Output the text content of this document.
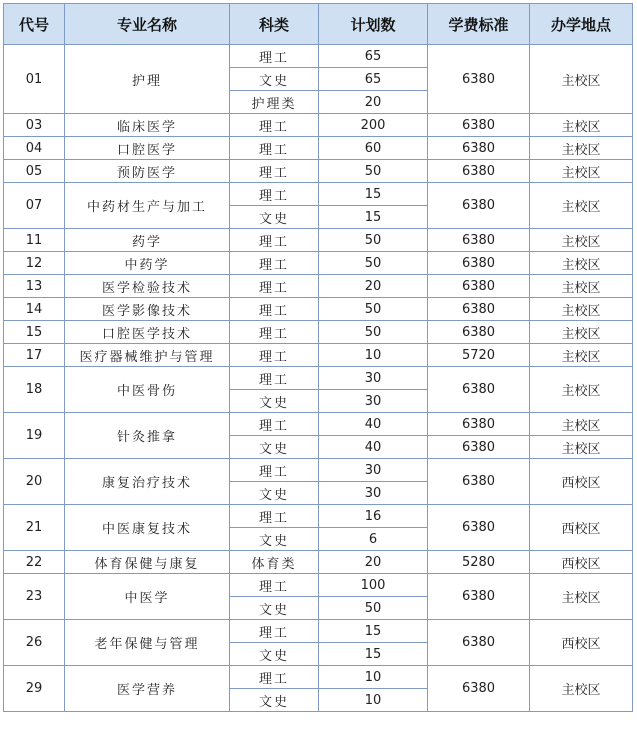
代号	专业名称	科类	计划数	学费标准	办学地点
01	护理	理工	65	6380	主校区
		文史	65		
		护理类	20		
03	临床医学	理工	200	6380	主校区
04	口腔医学	理工	60	6380	主校区
05	预防医学	理工	50	6380	主校区
07	中药材生产与加工	理工	15	6380	主校区
		文史	15		
11	药学	理工	50	6380	主校区
12	中药学	理工	50	6380	主校区
13	医学检验技术	理工	20	6380	主校区
14	医学影像技术	理工	50	6380	主校区
15	口腔医学技术	理工	50	6380	主校区
17	医疗器械维护与管理	理工	10	5720	主校区
18	中医骨伤	理工	30	6380	主校区
		文史	30		
19	针灸推拿	理工	40	6380	主校区
		文史	40	6380	主校区
20	康复治疗技术	理工	30	6380	西校区
		文史	30		
21	中医康复技术	理工	16	6380	西校区
		文史	6		
22	体育保健与康复	体育类	20	5280	西校区
23	中医学	理工	100	6380	主校区
		文史	50		
26	老年保健与管理	理工	15	6380	西校区
		文史	15		
29	医学营养	理工	10	6380	主校区
		文史	10		
